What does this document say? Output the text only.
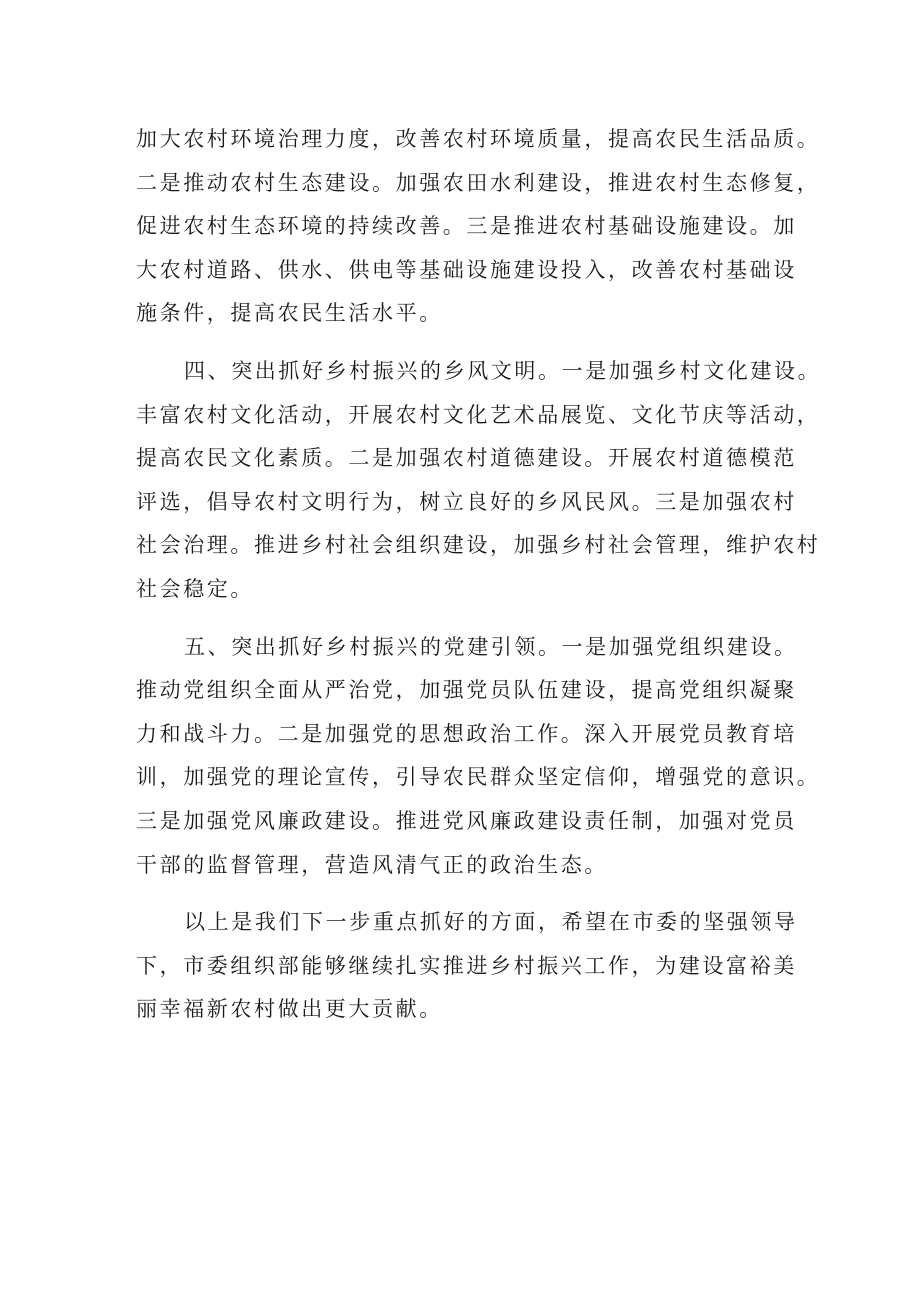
加大农村环境治理力度，改善农村环境质量，提高农民生活品质。
二是推动农村生态建设。加强农田水利建设，推进农村生态修复，
促进农村生态环境的持续改善。三是推进农村基础设施建设。加
大农村道路、供水、供电等基础设施建设投入，改善农村基础设
施条件，提高农民生活水平。
四、突出抓好乡村振兴的乡风文明。一是加强乡村文化建设。
丰富农村文化活动，开展农村文化艺术品展览、文化节庆等活动，
提高农民文化素质。二是加强农村道德建设。开展农村道德模范
评选，倡导农村文明行为，树立良好的乡风民风。三是加强农村
社会治理。推进乡村社会组织建设，加强乡村社会管理，维护农村
社会稳定。
五、突出抓好乡村振兴的党建引领。一是加强党组织建设。
推动党组织全面从严治党，加强党员队伍建设，提高党组织凝聚
力和战斗力。二是加强党的思想政治工作。深入开展党员教育培
训，加强党的理论宣传，引导农民群众坚定信仰，增强党的意识。
三是加强党风廉政建设。推进党风廉政建设责任制，加强对党员
干部的监督管理，营造风清气正的政治生态。
以上是我们下一步重点抓好的方面，希望在市委的坚强领导
下，市委组织部能够继续扎实推进乡村振兴工作，为建设富裕美
丽幸福新农村做出更大贡献。
